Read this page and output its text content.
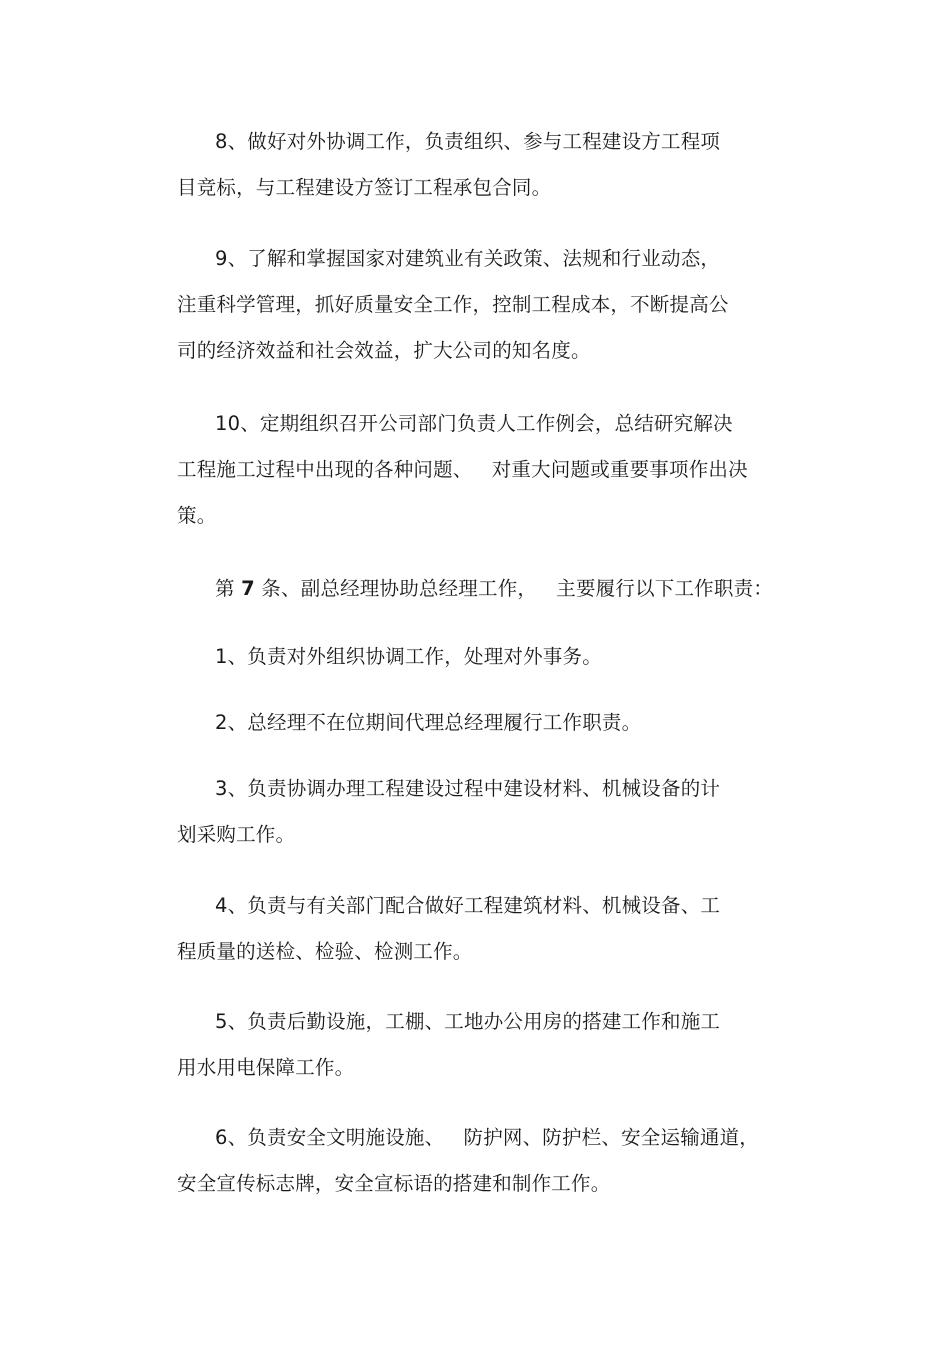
8、做好对外协调工作，负责组织、参与工程建设方工程项
目竞标，与工程建设方签订工程承包合同。
9、了解和掌握国家对建筑业有关政策、法规和行业动态，
注重科学管理，抓好质量安全工作，控制工程成本，不断提高公
司的经济效益和社会效益，扩大公司的知名度。
10、定期组织召开公司部门负责人工作例会，总结研究解决
工程施工过程中出现的各种问题、   对重大问题或重要事项作出决
策。
第 7 条、副总经理协助总经理工作，   主要履行以下工作职责：
1、负责对外组织协调工作，处理对外事务。
2、总经理不在位期间代理总经理履行工作职责。
3、负责协调办理工程建设过程中建设材料、机械设备的计
划采购工作。
4、负责与有关部门配合做好工程建筑材料、机械设备、工
程质量的送检、检验、检测工作。
5、负责后勤设施，工棚、工地办公用房的搭建工作和施工
用水用电保障工作。
6、负责安全文明施设施、   防护网、防护栏、安全运输通道，
安全宣传标志牌，安全宣标语的搭建和制作工作。
